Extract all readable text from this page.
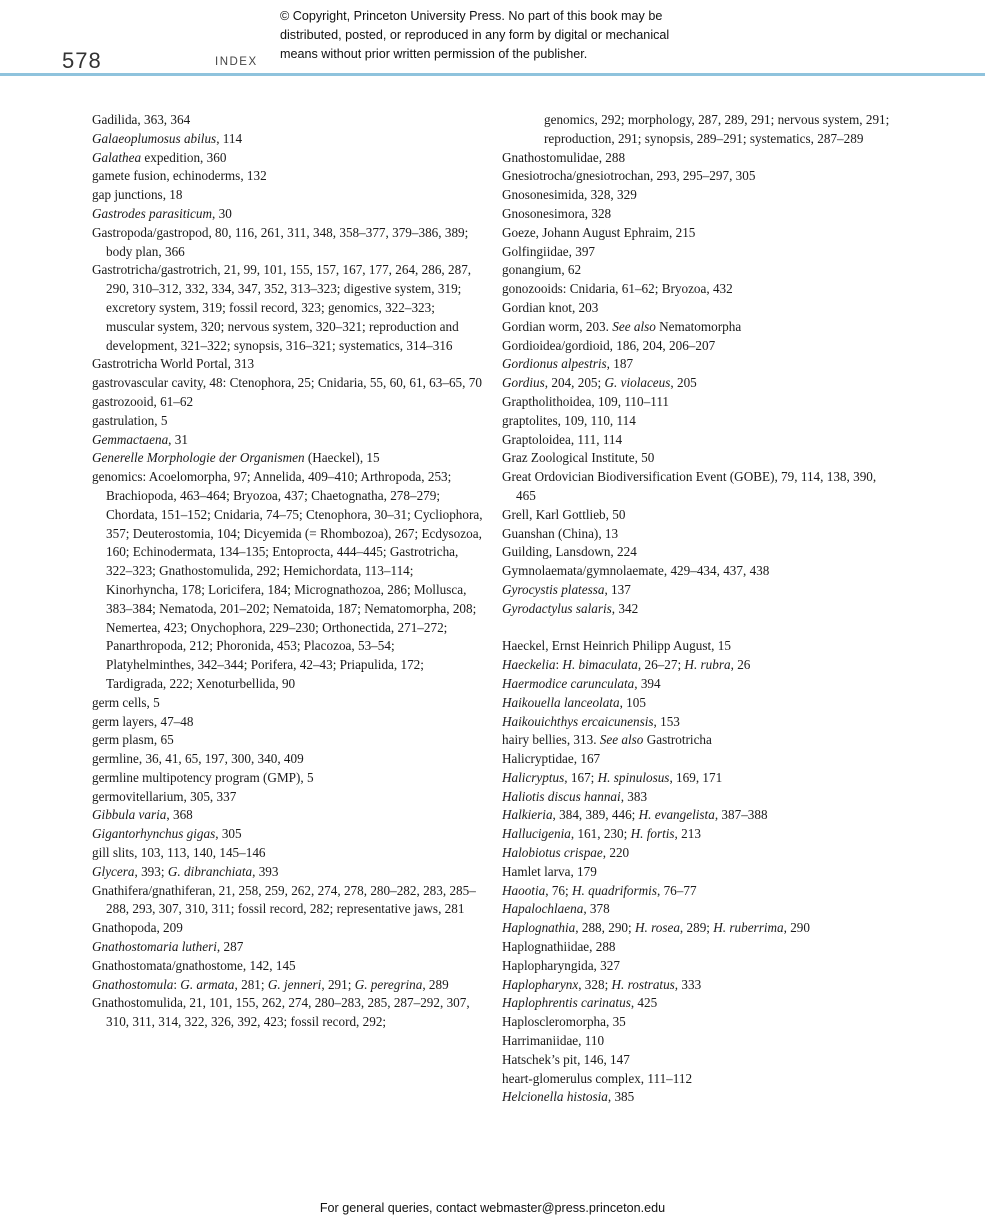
© Copyright, Princeton University Press. No part of this book may be
distributed, posted, or reproduced in any form by digital or mechanical
means without prior written permission of the publisher.
578	INDEX
Gadilida, 363, 364
Galaeoplumosus abilus, 114
Galathea expedition, 360
gamete fusion, echinoderms, 132
gap junctions, 18
Gastrodes parasiticum, 30
Gastropoda/gastropod, 80, 116, 261, 311, 348, 358–377, 379–386, 389; body plan, 366
Gastrotricha/gastrotrich, 21, 99, 101, 155, 157, 167, 177, 264, 286, 287, 290, 310–312, 332, 334, 347, 352, 313–323; digestive system, 319; excretory system, 319; fossil record, 323; genomics, 322–323; muscular system, 320; nervous system, 320–321; reproduction and development, 321–322; synopsis, 316–321; systematics, 314–316
Gastrotricha World Portal, 313
gastrovascular cavity, 48: Ctenophora, 25; Cnidaria, 55, 60, 61, 63–65, 70
gastrozooid, 61–62
gastrulation, 5
Gemmactaena, 31
Generelle Morphologie der Organismen (Haeckel), 15
genomics: Acoelomorpha, 97; Annelida, 409–410; Arthropoda, 253; Brachiopoda, 463–464; Bryozoa, 437; Chaetognatha, 278–279; Chordata, 151–152; Cnidaria, 74–75; Ctenophora, 30–31; Cycliophora, 357; Deuterostomia, 104; Dicyemida (= Rhombozoa), 267; Ecdysozoa, 160; Echinodermata, 134–135; Entoprocta, 444–445; Gastrotricha, 322–323; Gnathostomulida, 292; Hemichordata, 113–114; Kinorhyncha, 178; Loricifera, 184; Micrognathozoa, 286; Mollusca, 383–384; Nematoda, 201–202; Nematoida, 187; Nematomorpha, 208; Nemertea, 423; Onychophora, 229–230; Orthonectida, 271–272; Panarthropoda, 212; Phoronida, 453; Placozoa, 53–54; Platyhelminthes, 342–344; Porifera, 42–43; Priapulida, 172; Tardigrada, 222; Xenoturbellida, 90
germ cells, 5
germ layers, 47–48
germ plasm, 65
germline, 36, 41, 65, 197, 300, 340, 409
germline multipotency program (GMP), 5
germovitellarium, 305, 337
Gibbula varia, 368
Gigantorhynchus gigas, 305
gill slits, 103, 113, 140, 145–146
Glycera, 393; G. dibranchiata, 393
Gnathifera/gnathiferan, 21, 258, 259, 262, 274, 278, 280–282, 283, 285–288, 293, 307, 310, 311; fossil record, 282; representative jaws, 281
Gnathopoda, 209
Gnathostomaria lutheri, 287
Gnathostomata/gnathostome, 142, 145
Gnathostomula: G. armata, 281; G. jenneri, 291; G. peregrina, 289
Gnathostomulida, 21, 101, 155, 262, 274, 280–283, 285, 287–292, 307, 310, 311, 314, 322, 326, 392, 423; fossil record, 292;
genomics, 292; morphology, 287, 289, 291; nervous system, 291; reproduction, 291; synopsis, 289–291; systematics, 287–289
Gnathostomulidae, 288
Gnesiotrocha/gnesiotrochan, 293, 295–297, 305
Gnosonesimida, 328, 329
Gnosonesimora, 328
Goeze, Johann August Ephraim, 215
Golfingiidae, 397
gonangium, 62
gonozooids: Cnidaria, 61–62; Bryozoa, 432
Gordian knot, 203
Gordian worm, 203. See also Nematomorpha
Gordioidea/gordioid, 186, 204, 206–207
Gordionus alpestris, 187
Gordius, 204, 205; G. violaceus, 205
Graptholithoidea, 109, 110–111
graptolites, 109, 110, 114
Graptoloidea, 111, 114
Graz Zoological Institute, 50
Great Ordovician Biodiversification Event (GOBE), 79, 114, 138, 390, 465
Grell, Karl Gottlieb, 50
Guanshan (China), 13
Guilding, Lansdown, 224
Gymnolaemata/gymnolaemate, 429–434, 437, 438
Gyrocystis platessa, 137
Gyrodactylus salaris, 342
Haeckel, Ernst Heinrich Philipp August, 15
Haeckelia: H. bimaculata, 26–27; H. rubra, 26
Haermodice carunculata, 394
Haikouella lanceolata, 105
Haikouichthys ercaicunensis, 153
hairy bellies, 313. See also Gastrotricha
Halicryptidae, 167
Halicryptus, 167; H. spinulosus, 169, 171
Haliotis discus hannai, 383
Halkieria, 384, 389, 446; H. evangelista, 387–388
Hallucigenia, 161, 230; H. fortis, 213
Halobiotus crispae, 220
Hamlet larva, 179
Haootia, 76; H. quadriformis, 76–77
Hapalochlaena, 378
Haplognathia, 288, 290; H. rosea, 289; H. ruberrima, 290
Haplognathiidae, 288
Haplopharyngida, 327
Haplopharynx, 328; H. rostratus, 333
Haplophrentis carinatus, 425
Haploscleromorpha, 35
Harrimaniidae, 110
Hatschek’s pit, 146, 147
heart-glomerulus complex, 111–112
Helcionella histosia, 385
For general queries, contact webmaster@press.princeton.edu
